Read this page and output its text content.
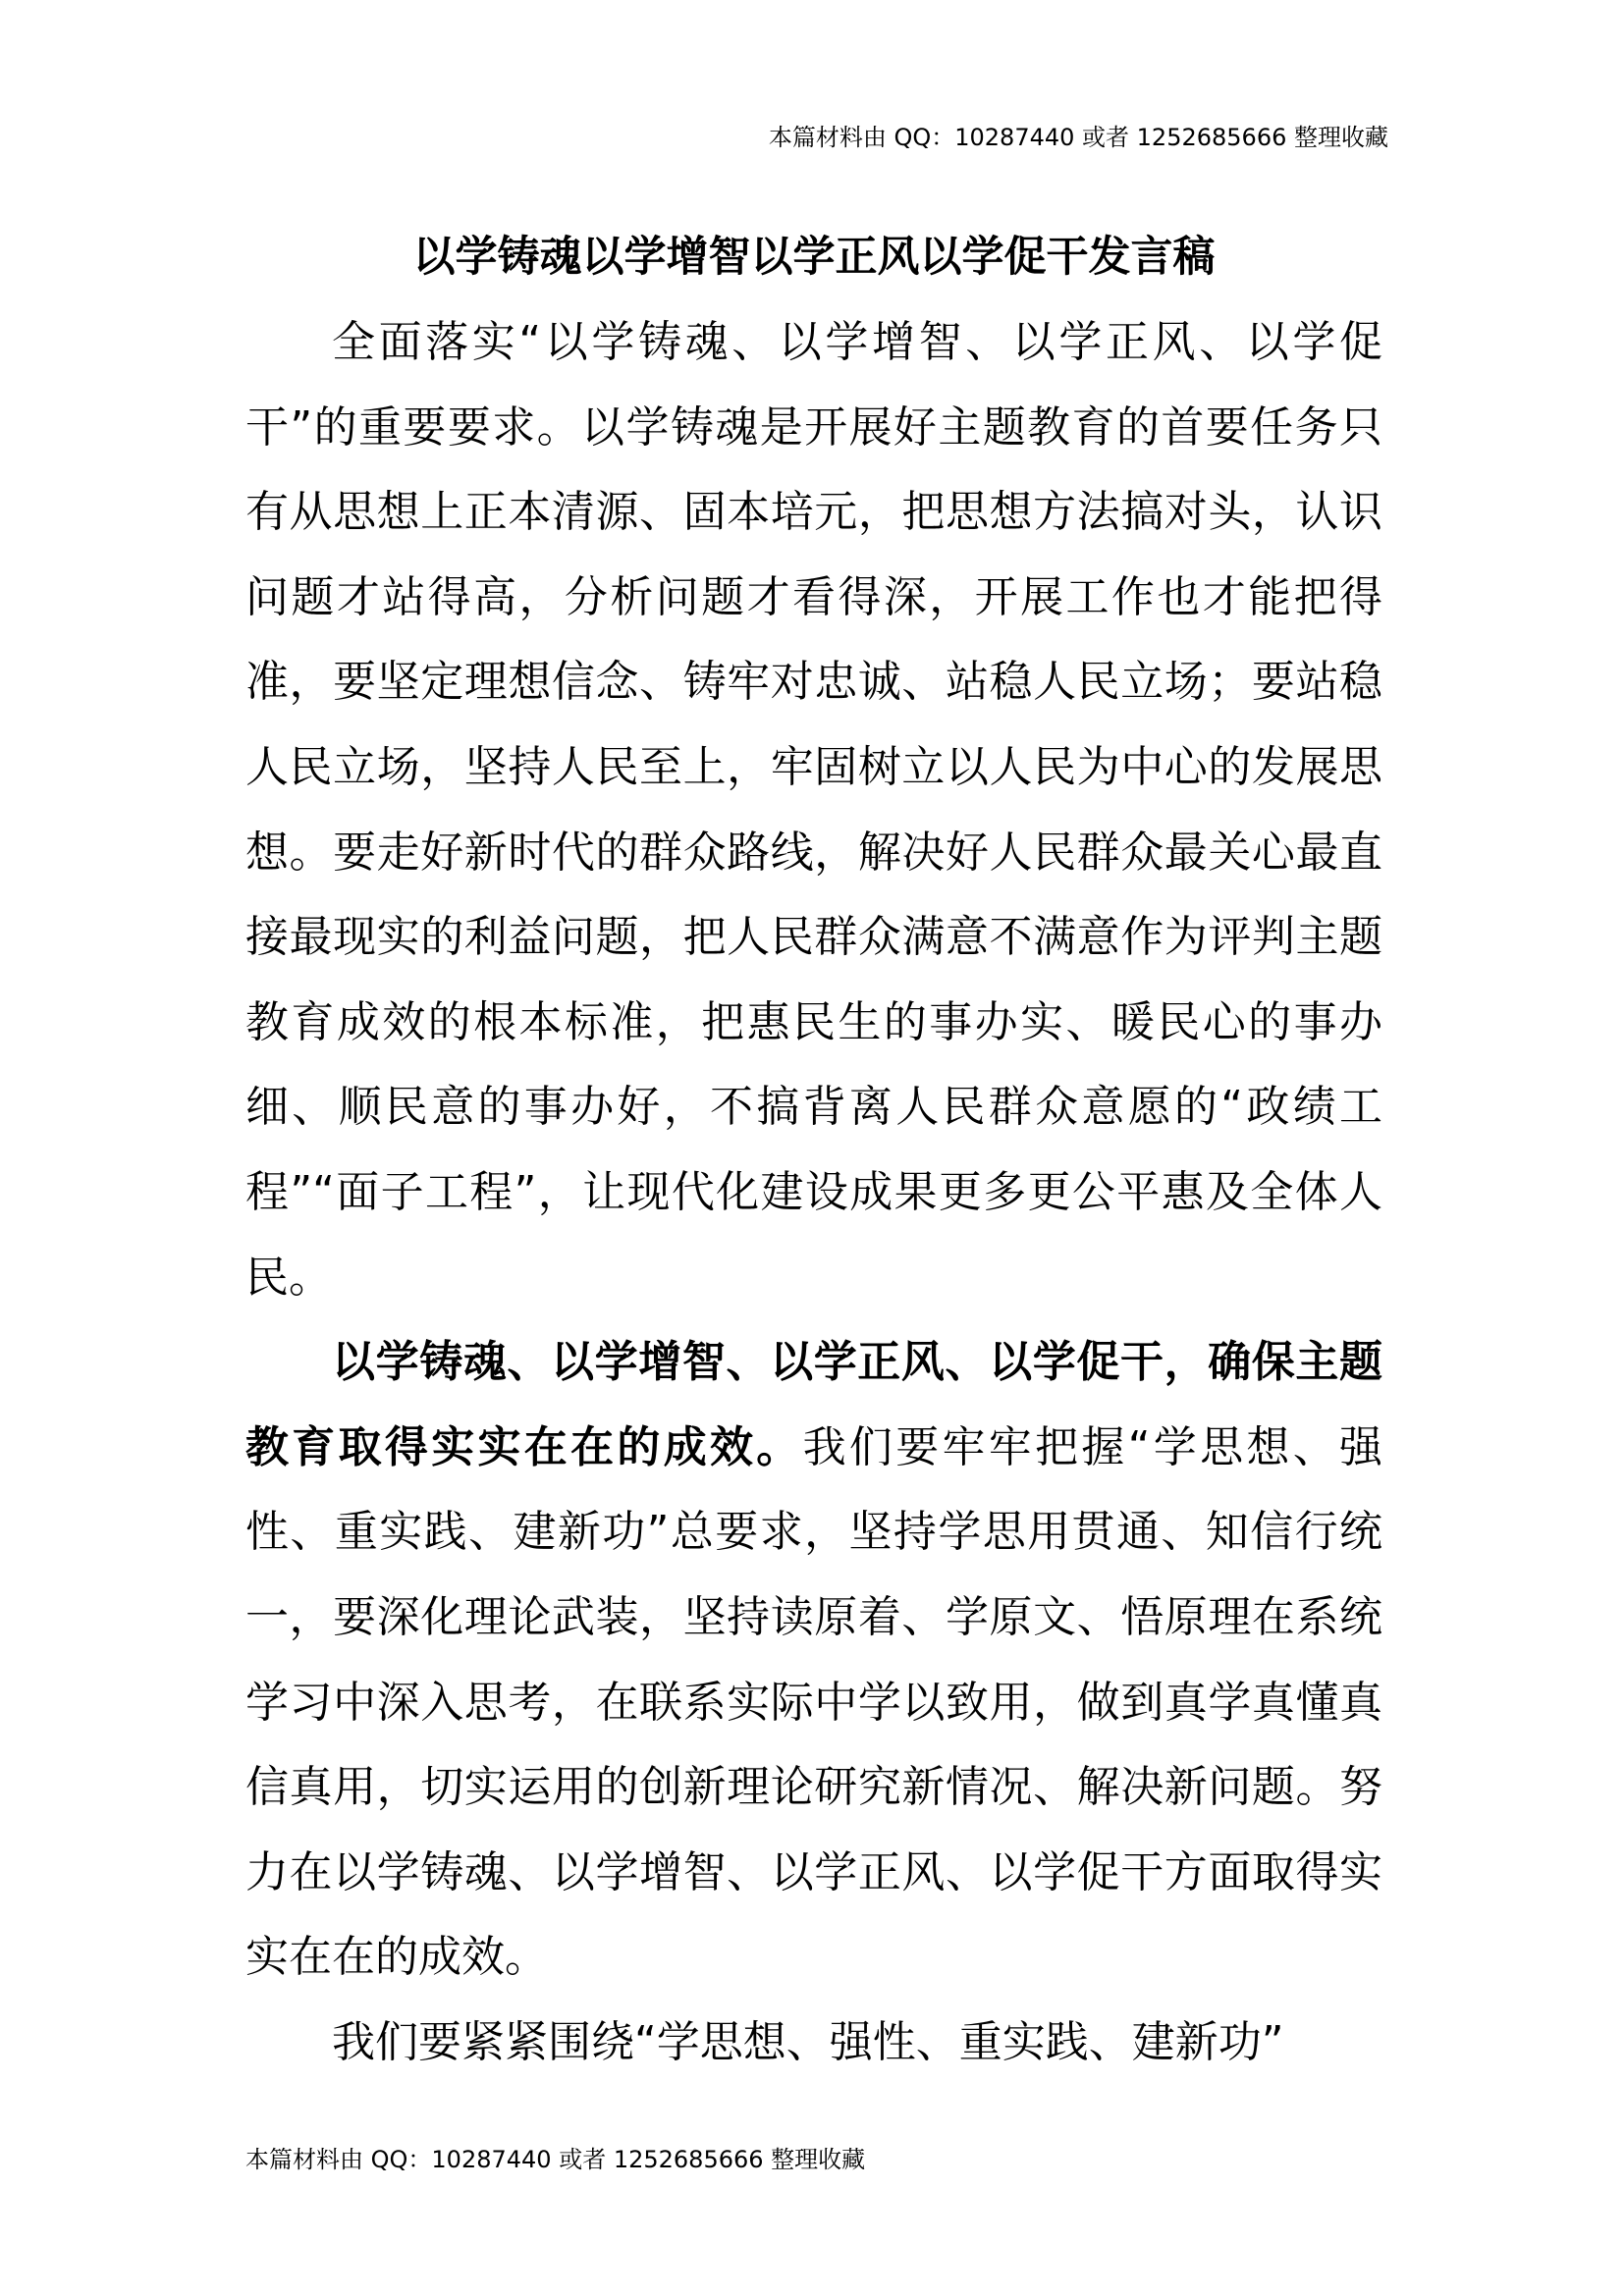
本篇材料由 QQ：10287440 或者 1252685666 整理收藏
以学铸魂以学增智以学正风以学促干发言稿

全面落实“以学铸魂、以学增智、以学正风、以学促干”的重要要求。以学铸魂是开展好主题教育的首要任务只有从思想上正本清源、固本培元，把思想方法搞对头，认识问题才站得高，分析问题才看得深，开展工作也才能把得准，要坚定理想信念、铸牢对忠诚、站稳人民立场；要站稳人民立场，坚持人民至上，牢固树立以人民为中心的发展思想。要走好新时代的群众路线，解决好人民群众最关心最直接最现实的利益问题，把人民群众满意不满意作为评判主题教育成效的根本标准，把惠民生的事办实、暖民心的事办细、顺民意的事办好，不搞背离人民群众意愿的“政绩工程”“面子工程”，让现代化建设成果更多更公平惠及全体人民。

以学铸魂、以学增智、以学正风、以学促干，确保主题教育取得实实在在的成效。我们要牢牢把握“学思想、强性、重实践、建新功”总要求，坚持学思用贯通、知信行统一，要深化理论武装，坚持读原着、学原文、悟原理在系统学习中深入思考，在联系实际中学以致用，做到真学真懂真信真用，切实运用的创新理论研究新情况、解决新问题。努力在以学铸魂、以学增智、以学正风、以学促干方面取得实实在在的成效。

我们要紧紧围绕“学思想、强性、重实践、建新功”

本篇材料由 QQ：10287440 或者 1252685666 整理收藏
